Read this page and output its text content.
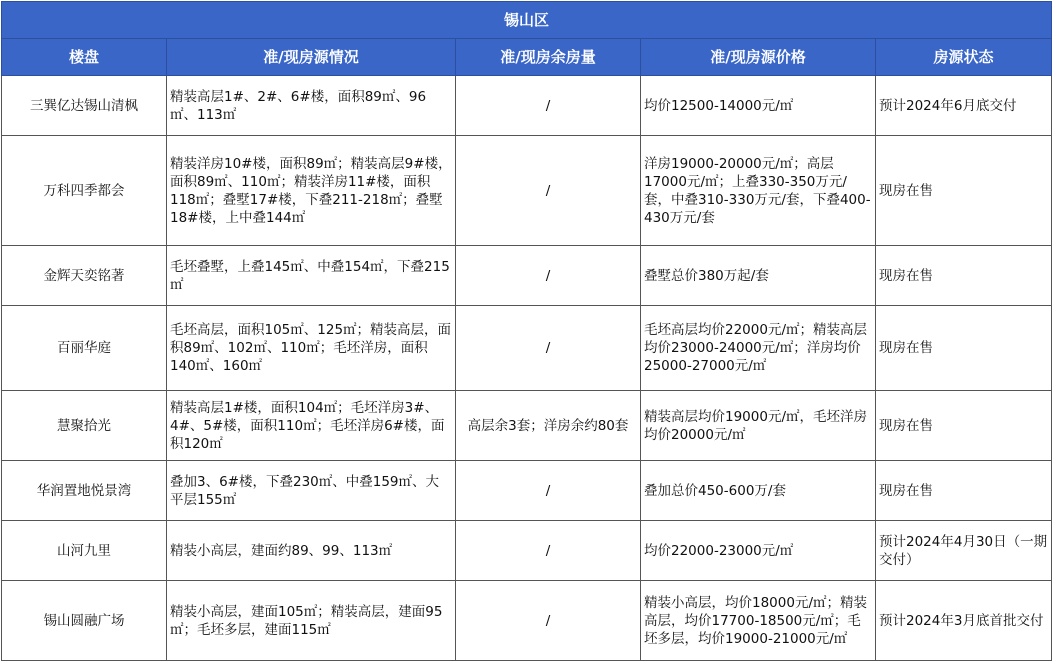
锡山区				
楼盘	准/现房源情况	准/现房余房量	准/现房源价格	房源状态
三巽亿达锡山清枫	精装高层1#、2#、6#楼，面积89㎡、96㎡、113㎡	/	均价12500-14000元/㎡	预计2024年6月底交付
万科四季都会	精装洋房10#楼，面积89㎡；精装高层9#楼，面积89㎡、110㎡；精装洋房11#楼，面积118㎡；叠墅17#楼，下叠211-218㎡；叠墅18#楼，上中叠144㎡	/	洋房19000-20000元/㎡；高层17000元/㎡；上叠330-350万元/套，中叠310-330万元/套，下叠400-430万元/套	现房在售
金辉天奕铭著	毛坯叠墅，上叠145㎡、中叠154㎡，下叠215㎡	/	叠墅总价380万起/套	现房在售
百丽华庭	毛坯高层，面积105㎡、125㎡；精装高层，面积89㎡、102㎡、110㎡；毛坯洋房，面积140㎡、160㎡	/	毛坯高层均价22000元/㎡；精装高层均价23000-24000元/㎡；洋房均价25000-27000元/㎡	现房在售
慧聚拾光	精装高层1#楼，面积104㎡；毛坯洋房3#、4#、5#楼，面积110㎡；毛坯洋房6#楼，面积120㎡	高层余3套；洋房余约80套	精装高层均价19000元/㎡，毛坯洋房均价20000元/㎡	现房在售
华润置地悦景湾	叠加3、6#楼，下叠230㎡、中叠159㎡、大平层155㎡	/	叠加总价450-600万/套	现房在售
山河九里	精装小高层，建面约89、99、113㎡	/	均价22000-23000元/㎡	预计2024年4月30日（一期交付）
锡山圆融广场	精装小高层，建面105㎡；精装高层，建面95㎡；毛坯多层，建面115㎡	/	精装小高层，均价18000元/㎡；精装高层，均价17700-18500元/㎡；毛坯多层，均价19000-21000元/㎡	预计2024年3月底首批交付
